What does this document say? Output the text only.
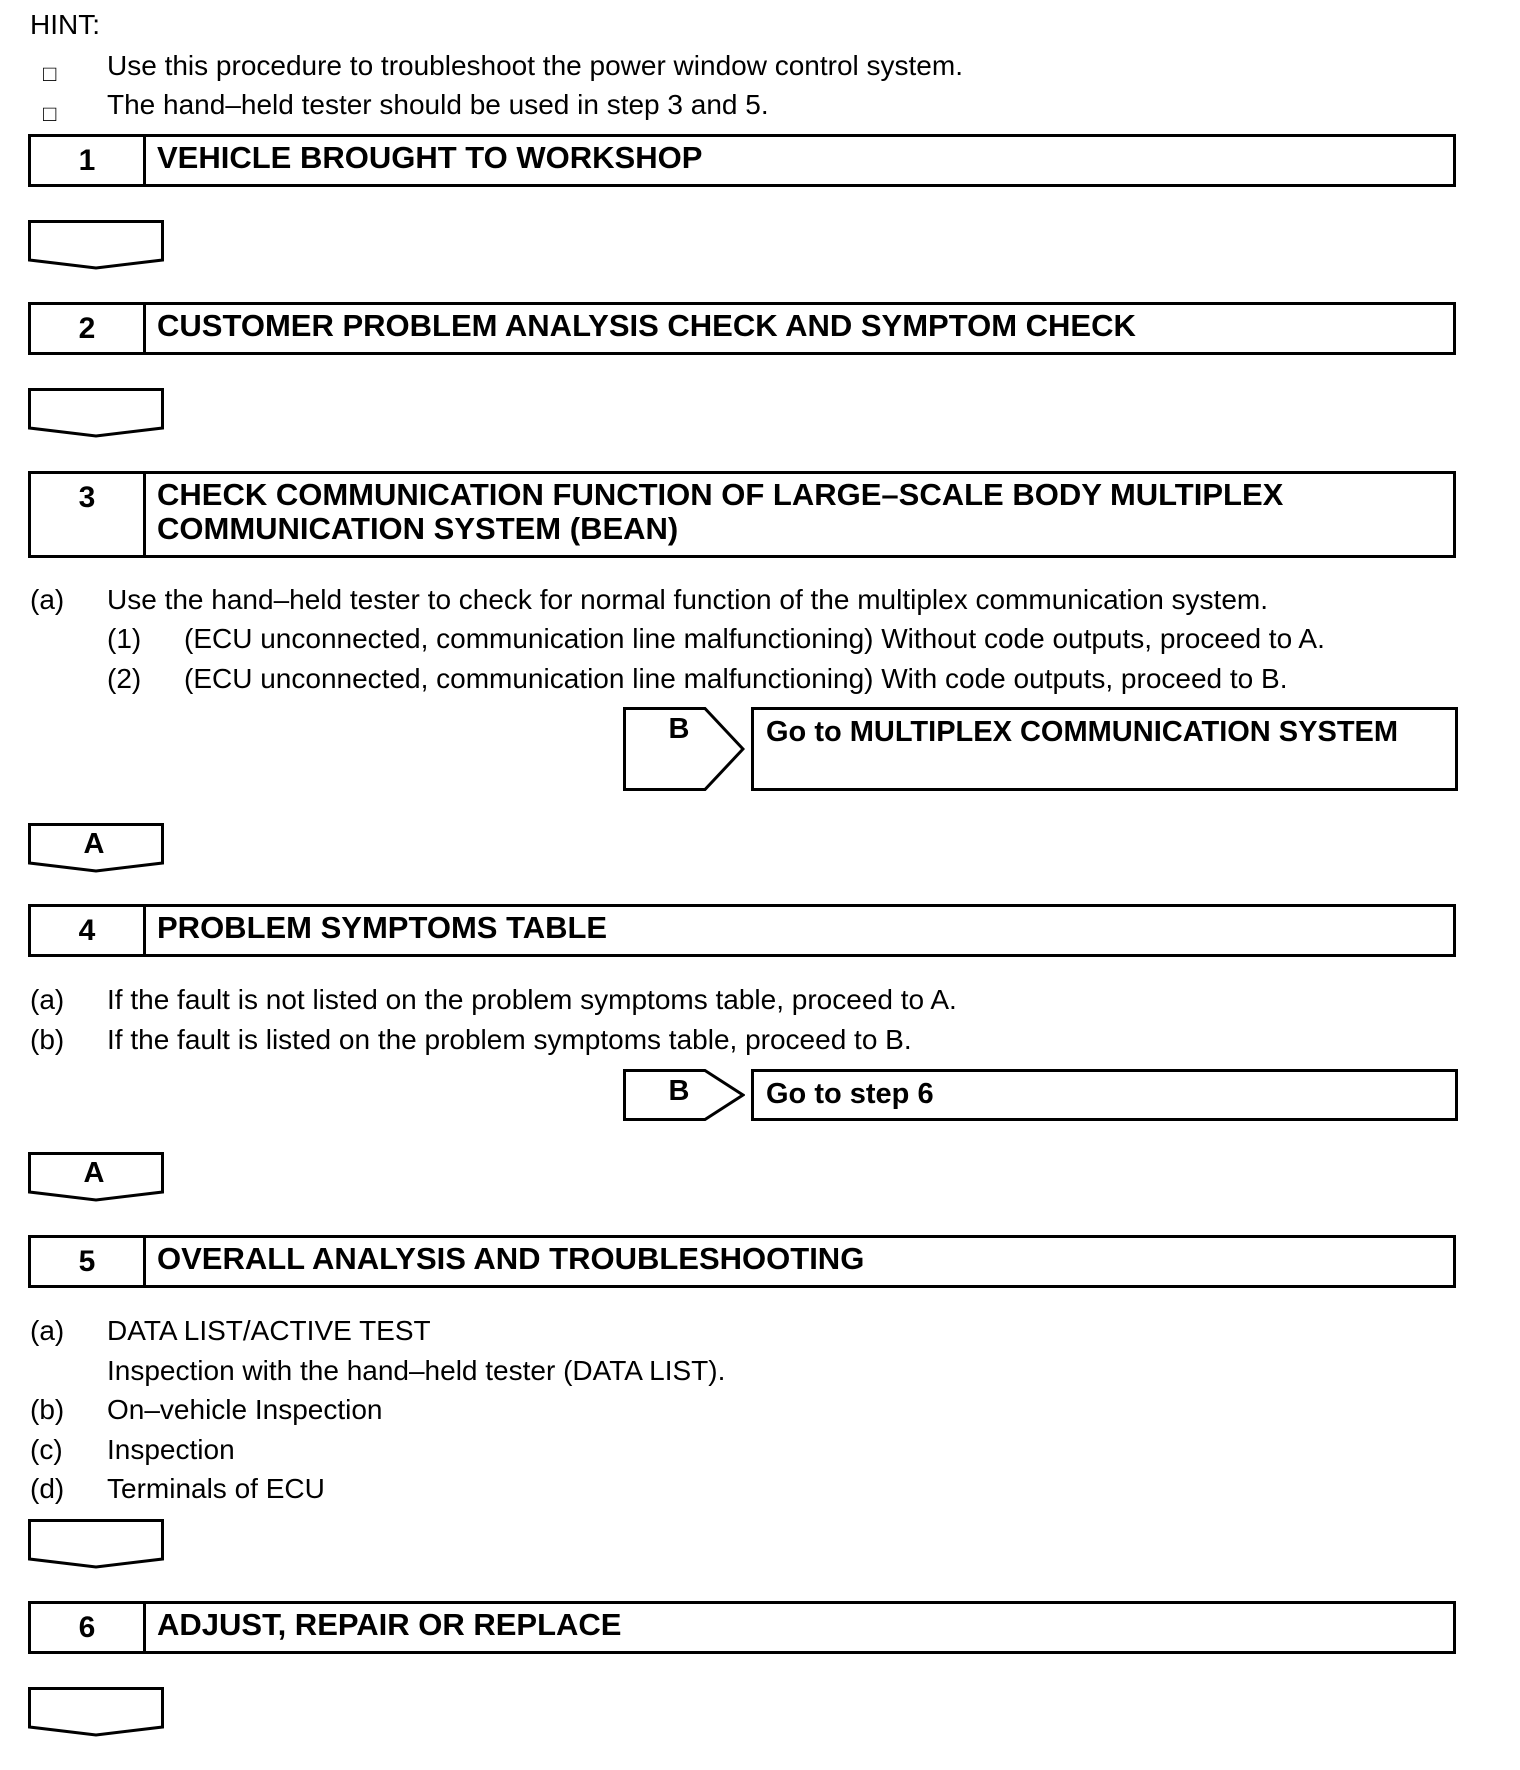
HINT:
□ Use this procedure to troubleshoot the power window control system.
□ The hand–held tester should be used in step 3 and 5.
1	VEHICLE BROUGHT TO WORKSHOP
2	CUSTOMER PROBLEM ANALYSIS CHECK AND SYMPTOM CHECK
3	CHECK COMMUNICATION FUNCTION OF LARGE–SCALE BODY MULTIPLEX
COMMUNICATION SYSTEM (BEAN)
(a) Use the hand–held tester to check for normal function of the multiplex communication system.
(1) (ECU unconnected, communication line malfunctioning) Without code outputs, proceed to A.
(2) (ECU unconnected, communication line malfunctioning) With code outputs, proceed to B.
B	Go to MULTIPLEX COMMUNICATION SYSTEM
A
4	PROBLEM SYMPTOMS TABLE
(a) If the fault is not listed on the problem symptoms table, proceed to A.
(b) If the fault is listed on the problem symptoms table, proceed to B.
B	Go to step 6
A
5	OVERALL ANALYSIS AND TROUBLESHOOTING
(a) DATA LIST/ACTIVE TEST
Inspection with the hand–held tester (DATA LIST).
(b) On–vehicle Inspection
(c) Inspection
(d) Terminals of ECU
6	ADJUST, REPAIR OR REPLACE
